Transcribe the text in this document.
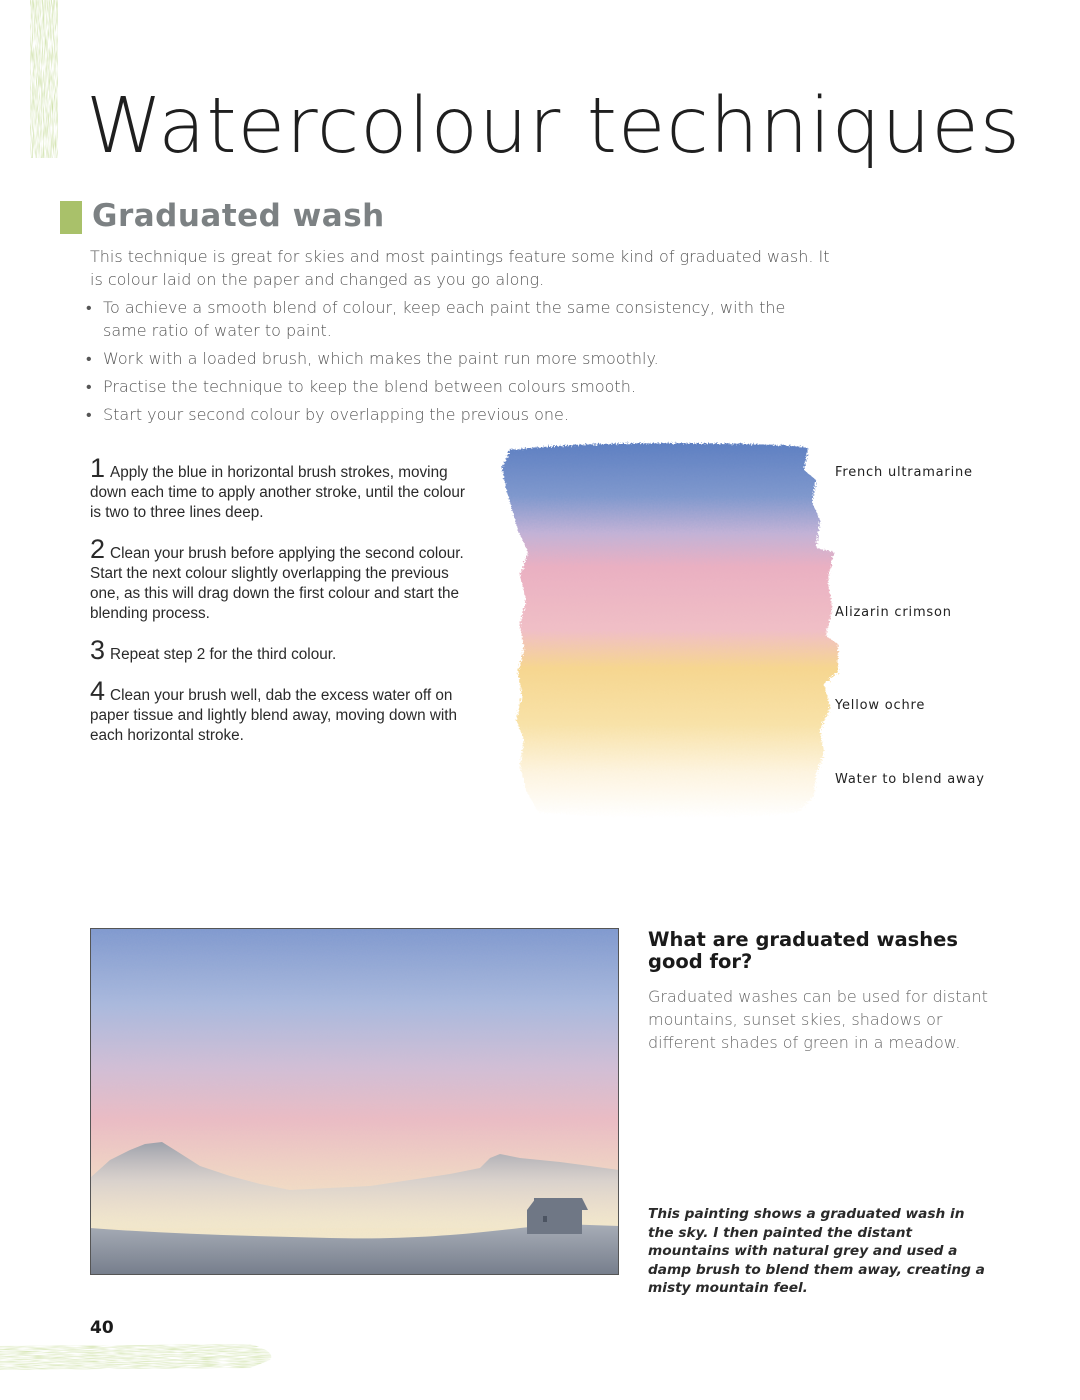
Watercolour techniques
Graduated wash

This technique is great for skies and most paintings feature some kind of graduated wash. It is colour laid on the paper and changed as you go along.

• To achieve a smooth blend of colour, keep each paint the same consistency, with the same ratio of water to paint.
• Work with a loaded brush, which makes the paint run more smoothly.
• Practise the technique to keep the blend between colours smooth.
• Start your second colour by overlapping the previous one.

1 Apply the blue in horizontal brush strokes, moving down each time to apply another stroke, until the colour is two to three lines deep.

2 Clean your brush before applying the second colour. Start the next colour slightly overlapping the previous one, as this will drag down the first colour and start the blending process.

3 Repeat step 2 for the third colour.

4 Clean your brush well, dab the excess water off on paper tissue and lightly blend away, moving down with each horizontal stroke.

French ultramarine

Alizarin crimson

Yellow ochre

Water to blend away

What are graduated washes good for?

Graduated washes can be used for distant mountains, sunset skies, shadows or different shades of green in a meadow.

This painting shows a graduated wash in the sky. I then painted the distant mountains with natural grey and used a damp brush to blend them away, creating a misty mountain feel.

40
